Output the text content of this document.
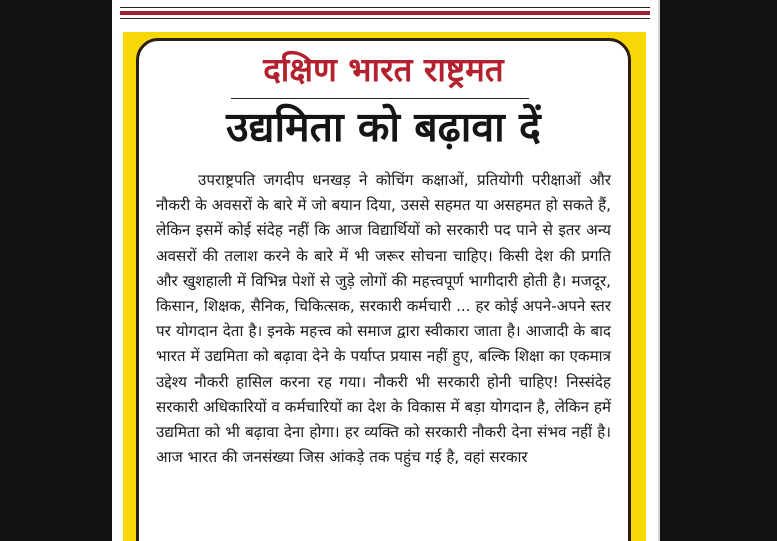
दक्षिण भारत राष्ट्रमत
उद्यमिता को बढ़ावा दें

उपराष्ट्रपति जगदीप धनखड़ ने कोचिंग कक्षाओं, प्रतियोगी परीक्षाओं और नौकरी के अवसरों के बारे में जो बयान दिया, उससे सहमत या असहमत हो सकते हैं, लेकिन इसमें कोई संदेह नहीं कि आज विद्यार्थियों को सरकारी पद पाने से इतर अन्य अवसरों की तलाश करने के बारे में भी जरूर सोचना चाहिए। किसी देश की प्रगति और खुशहाली में विभिन्न पेशों से जुड़े लोगों की महत्त्वपूर्ण भागीदारी होती है। मजदूर, किसान, शिक्षक, सैनिक, चिकित्सक, सरकारी कर्मचारी ... हर कोई अपने-अपने स्तर पर योगदान देता है। इनके महत्त्व को समाज द्वारा स्वीकारा जाता है। आजादी के बाद भारत में उद्यमिता को बढ़ावा देने के पर्याप्त प्रयास नहीं हुए, बल्कि शिक्षा का एकमात्र उद्देश्य नौकरी हासिल करना रह गया। नौकरी भी सरकारी होनी चाहिए! निस्संदेह सरकारी अधिकारियों व कर्मचारियों का देश के विकास में बड़ा योगदान है, लेकिन हमें उद्यमिता को भी बढ़ावा देना होगा। हर व्यक्ति को सरकारी नौकरी देना संभव नहीं है। आज भारत की जनसंख्या जिस आंकड़े तक पहुंच गई है, वहां सरकार
